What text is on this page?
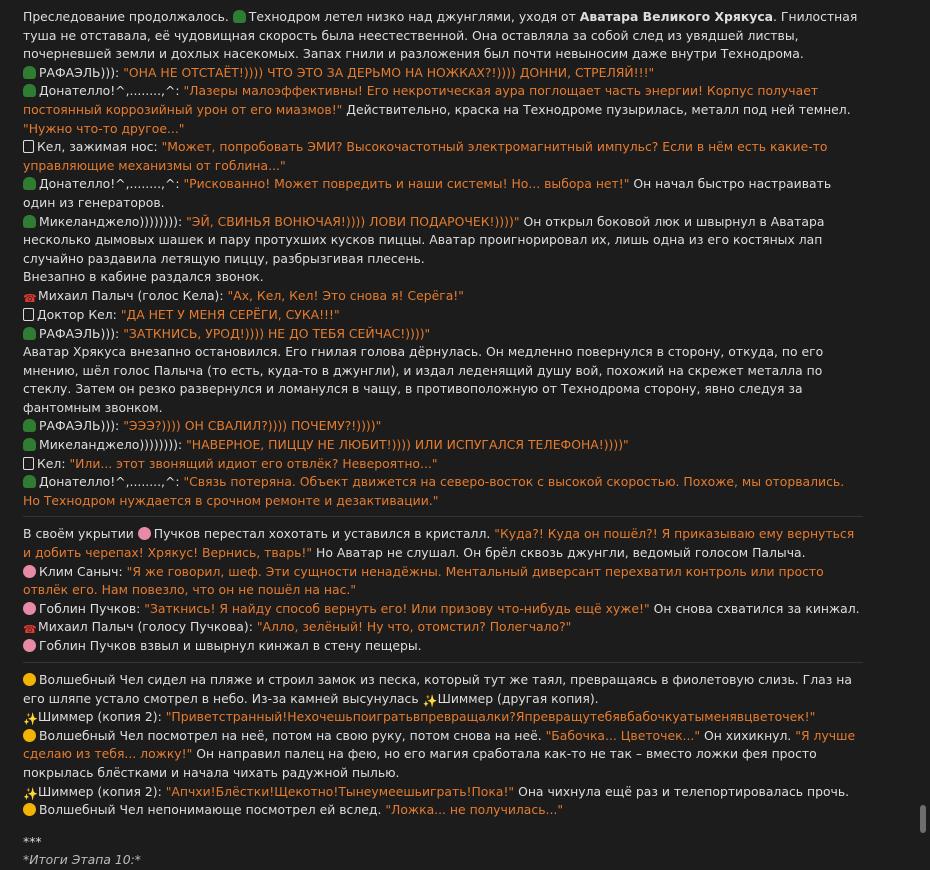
Преследование продолжалось. Технодром летел низко над джунглями, уходя от Аватара Великого Хрякуса. Гнилостная туша не отставала, её чудовищная скорость была неестественной. Она оставляла за собой след из увядшей листвы, почерневшей земли и дохлых насекомых. Запах гнили и разложения был почти невыносим даже внутри Технодрома.
РАФАЭЛЬ))): "ОНА НЕ ОТСТАЁТ!)))) ЧТО ЭТО ЗА ДЕРЬМО НА НОЖКАХ?!)))) ДОННИ, СТРЕЛЯЙ!!!"
Донателло!^,........,^: "Лазеры малоэффективны! Его некротическая аура поглощает часть энергии! Корпус получает постоянный коррозийный урон от его миазмов!" Действительно, краска на Технодроме пузырилась, металл под ней темнел. "Нужно что-то другое..."
Кел, зажимая нос: "Может, попробовать ЭМИ? Высокочастотный электромагнитный импульс? Если в нём есть какие-то управляющие механизмы от гоблина..."
Донателло!^,........,^: "Рискованно! Может повредить и наши системы! Но... выбора нет!" Он начал быстро настраивать один из генераторов.
Микеланджело)))))))): "ЭЙ, СВИНЬЯ ВОНЮЧАЯ!)))) ЛОВИ ПОДАРОЧЕК!))))" Он открыл боковой люк и швырнул в Аватара несколько дымовых шашек и пару протухших кусков пиццы. Аватар проигнорировал их, лишь одна из его костяных лап случайно раздавила летящую пиццу, разбрызгивая плесень.
Внезапно в кабине раздался звонок.
☎Михаил Палыч (голос Кела): "Ах, Кел, Кел! Это снова я! Серёга!"
Доктор Кел: "ДА НЕТ У МЕНЯ СЕРЁГИ, СУКА!!!"
РАФАЭЛЬ))): "ЗАТКНИСЬ, УРОД!)))) НЕ ДО ТЕБЯ СЕЙЧАС!))))"
Аватар Хрякуса внезапно остановился. Его гнилая голова дёрнулась. Он медленно повернулся в сторону, откуда, по его мнению, шёл голос Палыча (то есть, куда-то в джунгли), и издал леденящий душу вой, похожий на скрежет металла по стеклу. Затем он резко развернулся и ломанулся в чащу, в противоположную от Технодрома сторону, явно следуя за фантомным звонком.
РАФАЭЛЬ))): "ЭЭЭ?)))) ОН СВАЛИЛ?)))) ПОЧЕМУ?!))))"
Микеланджело)))))))): "НАВЕРНОЕ, ПИЦЦУ НЕ ЛЮБИТ!)))) ИЛИ ИСПУГАЛСЯ ТЕЛЕФОНА!))))"
Кел: "Или... этот звонящий идиот его отвлёк? Невероятно..."
Донателло!^,........,^: "Связь потеряна. Объект движется на северо-восток с высокой скоростью. Похоже, мы оторвались. Но Технодром нуждается в срочном ремонте и дезактивации."
В своём укрытии Пучков перестал хохотать и уставился в кристалл. "Куда?! Куда он пошёл?! Я приказываю ему вернуться и добить черепах! Хрякус! Вернись, тварь!" Но Аватар не слушал. Он брёл сквозь джунгли, ведомый голосом Палыча.
Клим Саныч: "Я же говорил, шеф. Эти сущности ненадёжны. Ментальный диверсант перехватил контроль или просто отвлёк его. Нам повезло, что он не пошёл на нас."
Гоблин Пучков: "Заткнись! Я найду способ вернуть его! Или призову что-нибудь ещё хуже!" Он снова схватился за кинжал.
☎Михаил Палыч (голосу Пучкова): "Алло, зелёный! Ну что, отомстил? Полегчало?"
Гоблин Пучков взвыл и швырнул кинжал в стену пещеры.
Волшебный Чел сидел на пляже и строил замок из песка, который тут же таял, превращаясь в фиолетовую слизь. Глаз на его шляпе устало смотрел в небо. Из-за камней высунулась ✨Шиммер (другая копия).
✨Шиммер (копия 2): "Приветстранный!Нехочешьпоигратьвпревращалки?Япревращутебявбабочкуатыменявцветочек!"
Волшебный Чел посмотрел на неё, потом на свою руку, потом снова на неё. "Бабочка... Цветочек..." Он хихикнул. "Я лучше сделаю из тебя... ложку!" Он направил палец на фею, но его магия сработала как-то не так – вместо ложки фея просто покрылась блёстками и начала чихать радужной пылью.
✨Шиммер (копия 2): "Апчхи!Блёстки!Щекотно!Тынеумеешьиграть!Пока!" Она чихнула ещё раз и телепортировалась прочь.
Волшебный Чел непонимающе посмотрел ей вслед. "Ложка... не получилась..."
***
*Итоги Этапа 10:*
